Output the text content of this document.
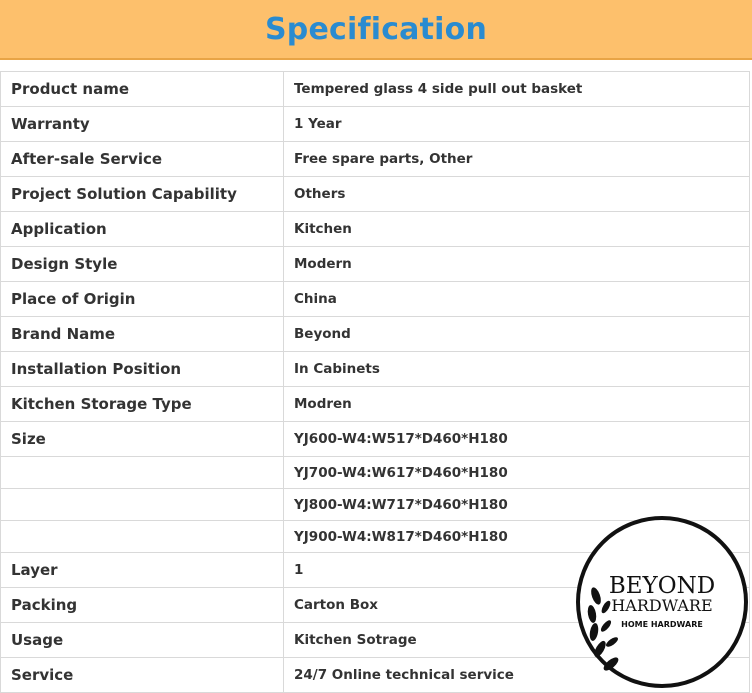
Specification
Product name	Tempered glass 4 side pull out basket
Warranty	1 Year
After-sale Service	Free spare parts, Other
Project Solution Capability	Others
Application	Kitchen
Design Style	Modern
Place of Origin	China
Brand Name	Beyond
Installation Position	In Cabinets
Kitchen Storage Type	Modren
Size	YJ600-W4:W517*D460*H180
	YJ700-W4:W617*D460*H180
	YJ800-W4:W717*D460*H180
	YJ900-W4:W817*D460*H180
Layer	1
Packing	Carton Box
Usage	Kitchen Sotrage
Service	24/7 Online technical service
BEYOND
HARDWARE
HOME HARDWARE
